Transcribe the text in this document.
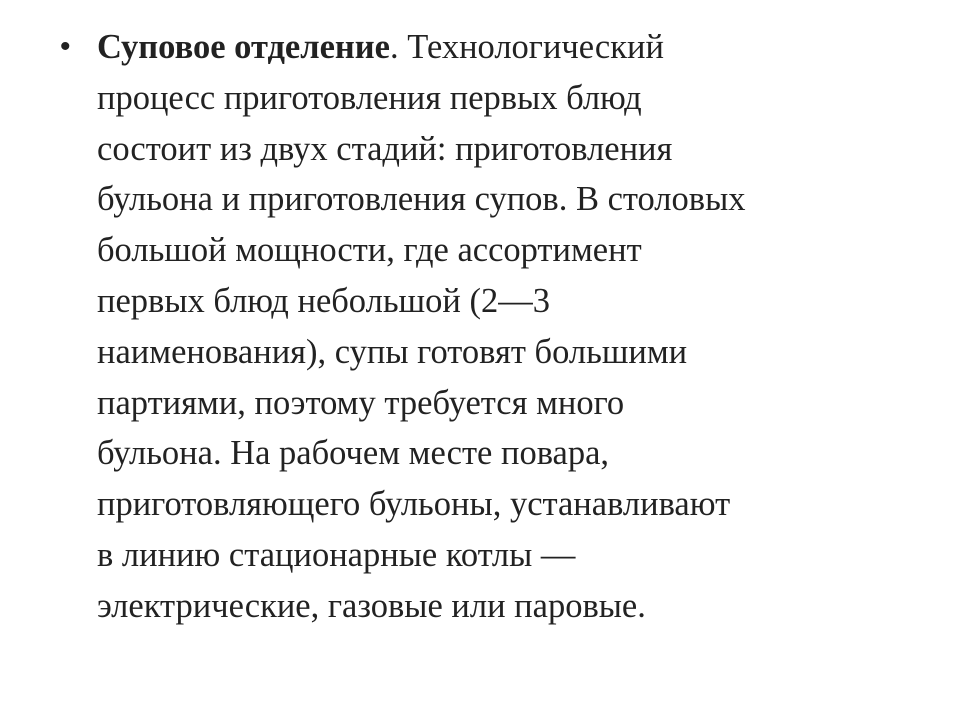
• Суповое отделение. Технологический
процесс приготовления первых блюд
состоит из двух стадий: приготовления
бульона и приготовления супов. В столовых
большой мощности, где ассортимент
первых блюд небольшой (2—3
наименования), супы готовят большими
партиями, поэтому требуется много
бульона. На рабочем месте повара,
приготовляющего бульоны, устанавливают
в линию стационарные котлы —
электрические, газовые или паровые.
